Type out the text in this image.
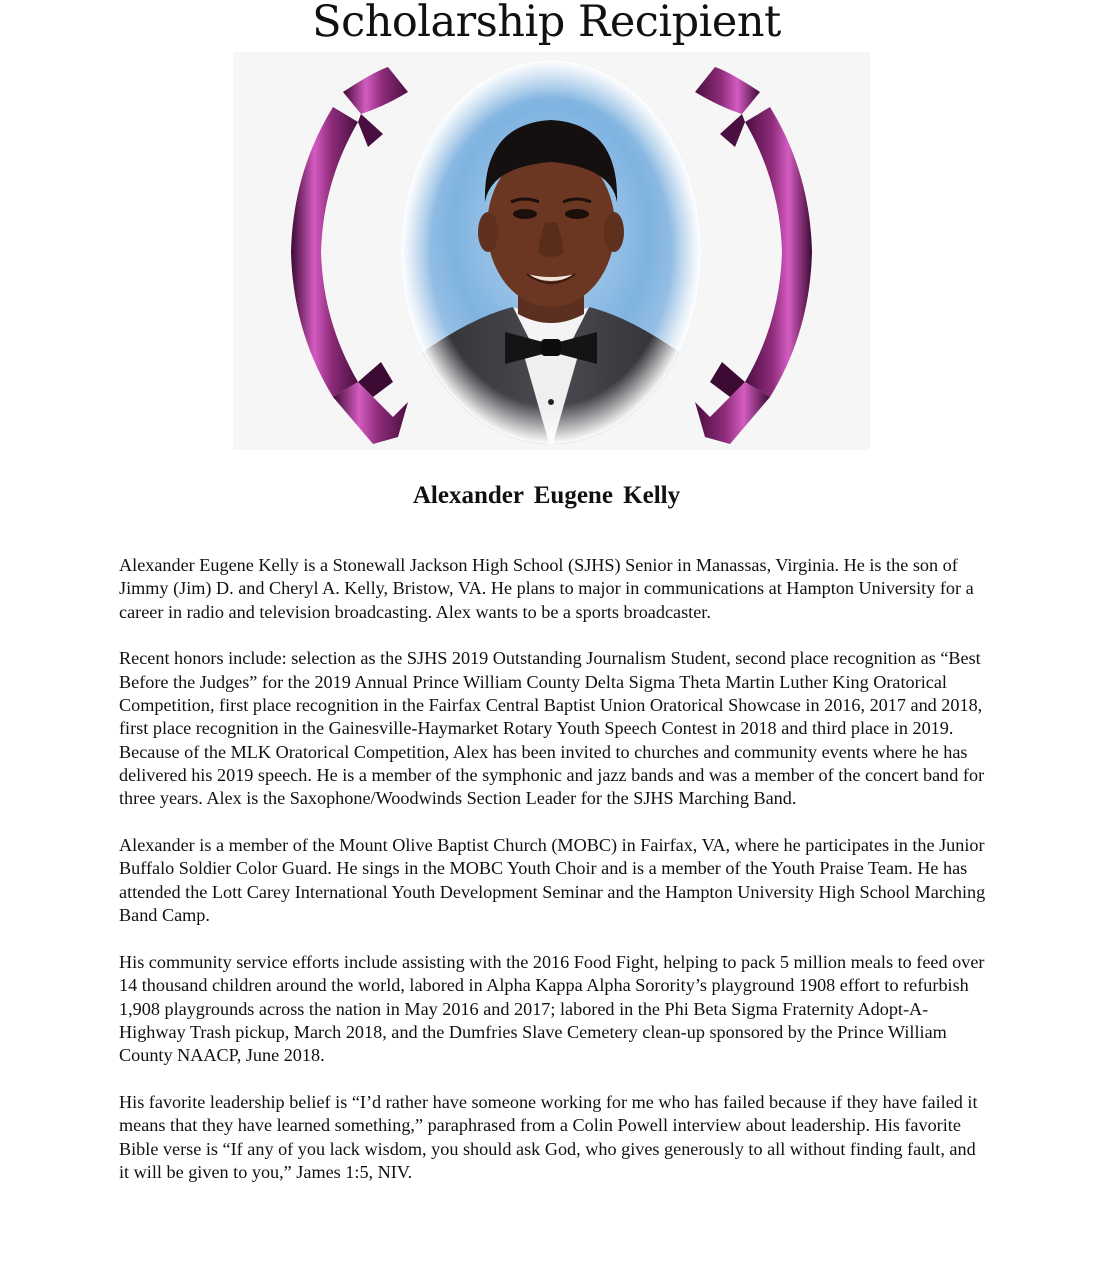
Scholarship Recipient
Alexander Eugene Kelly

Alexander Eugene Kelly is a Stonewall Jackson High School (SJHS) Senior in Manassas, Virginia. He is the son of Jimmy (Jim) D. and Cheryl A. Kelly, Bristow, VA. He plans to major in communications at Hampton University for a career in radio and television broadcasting. Alex wants to be a sports broadcaster.

Recent honors include: selection as the SJHS 2019 Outstanding Journalism Student, second place recognition as “Best Before the Judges” for the 2019 Annual Prince William County Delta Sigma Theta Martin Luther King Oratorical Competition, first place recognition in the Fairfax Central Baptist Union Oratorical Showcase in 2016, 2017 and 2018, first place recognition in the Gainesville-Haymarket Rotary Youth Speech Contest in 2018 and third place in 2019. Because of the MLK Oratorical Competition, Alex has been invited to churches and community events where he has delivered his 2019 speech. He is a member of the symphonic and jazz bands and was a member of the concert band for three years. Alex is the Saxophone/Woodwinds Section Leader for the SJHS Marching Band.

Alexander is a member of the Mount Olive Baptist Church (MOBC) in Fairfax, VA, where he participates in the Junior Buffalo Soldier Color Guard. He sings in the MOBC Youth Choir and is a member of the Youth Praise Team. He has attended the Lott Carey International Youth Development Seminar and the Hampton University High School Marching Band Camp.

His community service efforts include assisting with the 2016 Food Fight, helping to pack 5 million meals to feed over 14 thousand children around the world, labored in Alpha Kappa Alpha Sorority’s playground 1908 effort to refurbish 1,908 playgrounds across the nation in May 2016 and 2017; labored in the Phi Beta Sigma Fraternity Adopt-A-Highway Trash pickup, March 2018, and the Dumfries Slave Cemetery clean-up sponsored by the Prince William County NAACP, June 2018.

His favorite leadership belief is “I’d rather have someone working for me who has failed because if they have failed it means that they have learned something,” paraphrased from a Colin Powell interview about leadership. His favorite Bible verse is “If any of you lack wisdom, you should ask God, who gives generously to all without finding fault, and it will be given to you,” James 1:5, NIV.
